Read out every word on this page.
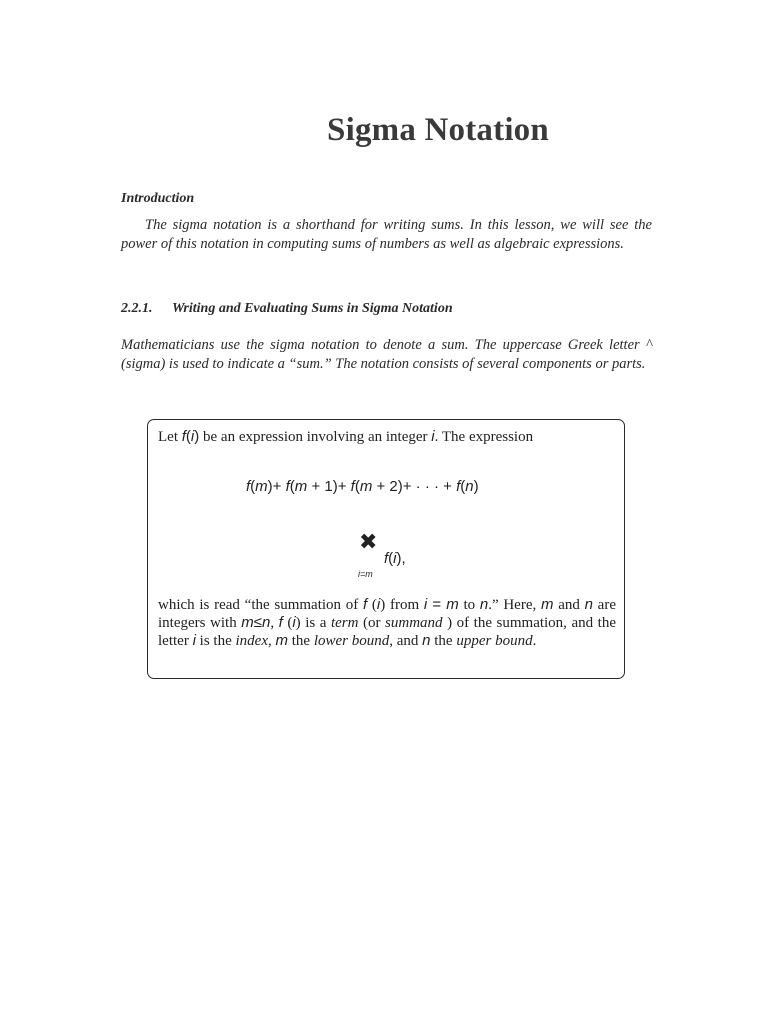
Sigma Notation
Introduction
The sigma notation is a shorthand for writing sums. In this lesson, we will see the power of this notation in computing sums of numbers as well as algebraic expressions.
2.2.1. Writing and Evaluating Sums in Sigma Notation
Mathematicians use the sigma notation to denote a sum. The uppercase Greek letter ^ (sigma) is used to indicate a “sum.” The notation consists of several components or parts.
Let f(i) be an expression involving an integer i. The expression
f(m)+ f(m + 1)+ f(m + 2)+ · · · + f(n)
✖
f(i),
i=m
which is read “the summation of f (i) from i = m to n.” Here, m and n are integers with m≤n, f (i) is a term (or summand ) of the summation, and the letter i is the index, m the lower bound, and n the upper bound.
